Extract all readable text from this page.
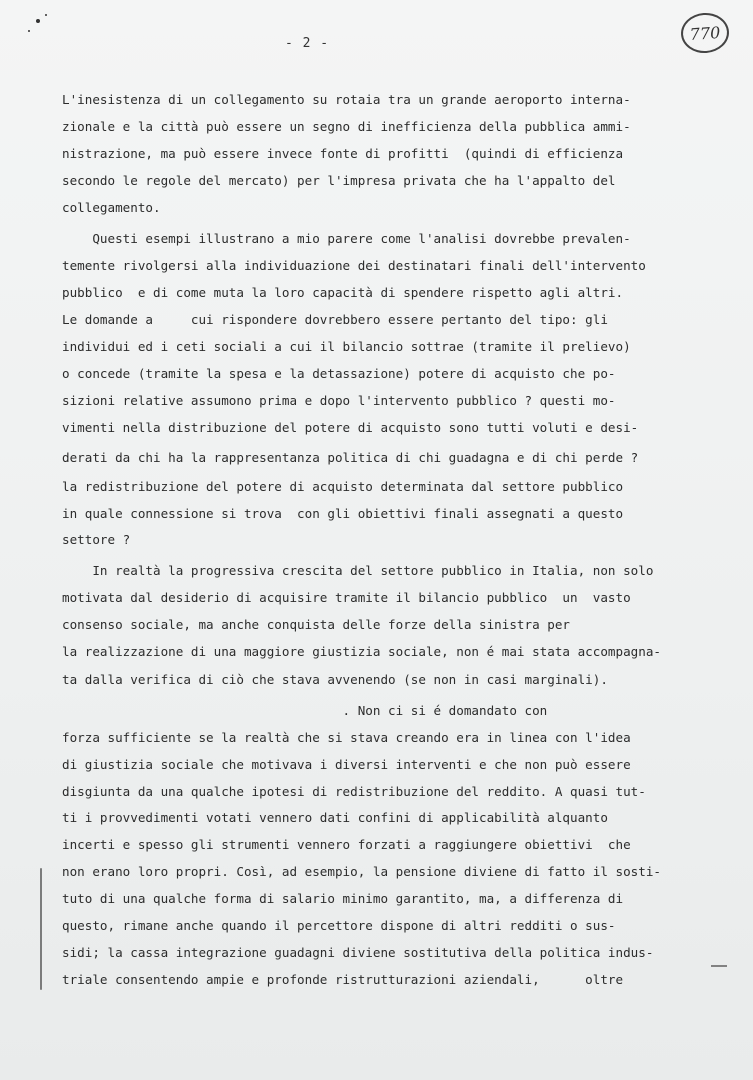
- 2 -	770
L'inesistenza di un collegamento su rotaia tra un grande aeroporto interna-
zionale e la città può essere un segno di inefficienza della pubblica ammi-
nistrazione, ma può essere invece fonte di profitti  (quindi di efficienza
secondo le regole del mercato) per l'impresa privata che ha l'appalto del
collegamento.
Questi esempi illustrano a mio parere come l'analisi dovrebbe prevalen-
temente rivolgersi alla individuazione dei destinatari finali dell'intervento
pubblico  e di come muta la loro capacità di spendere rispetto agli altri.
Le domande a     cui rispondere dovrebbero essere pertanto del tipo: gli
individui ed i ceti sociali a cui il bilancio sottrae (tramite il prelievo)
o concede (tramite la spesa e la detassazione) potere di acquisto che po-
sizioni relative assumono prima e dopo l'intervento pubblico ? questi mo-
vimenti nella distribuzione del potere di acquisto sono tutti voluti e desi-
derati da chi ha la rappresentanza politica di chi guadagna e di chi perde ?
la redistribuzione del potere di acquisto determinata dal settore pubblico
in quale connessione si trova  con gli obiettivi finali assegnati a questo
settore ?
In realtà la progressiva crescita del settore pubblico in Italia, non solo
motivata dal desiderio di acquisire tramite il bilancio pubblico  un  vasto
consenso sociale, ma anche conquista delle forze della sinistra per
la realizzazione di una maggiore giustizia sociale, non é mai stata accompagna-
ta dalla verifica di ciò che stava avvenendo (se non in casi marginali).
. Non ci si é domandato con
forza sufficiente se la realtà che si stava creando era in linea con l'idea
di giustizia sociale che motivava i diversi interventi e che non può essere
disgiunta da una qualche ipotesi di redistribuzione del reddito. A quasi tut-
ti i provvedimenti votati vennero dati confini di applicabilità alquanto
incerti e spesso gli strumenti vennero forzati a raggiungere obiettivi  che
non erano loro propri. Così, ad esempio, la pensione diviene di fatto il sosti-
tuto di una qualche forma di salario minimo garantito, ma, a differenza di
questo, rimane anche quando il percettore dispone di altri redditi o sus-
sidi; la cassa integrazione guadagni diviene sostitutiva della politica indus-
triale consentendo ampie e profonde ristrutturazioni aziendali,      oltre
